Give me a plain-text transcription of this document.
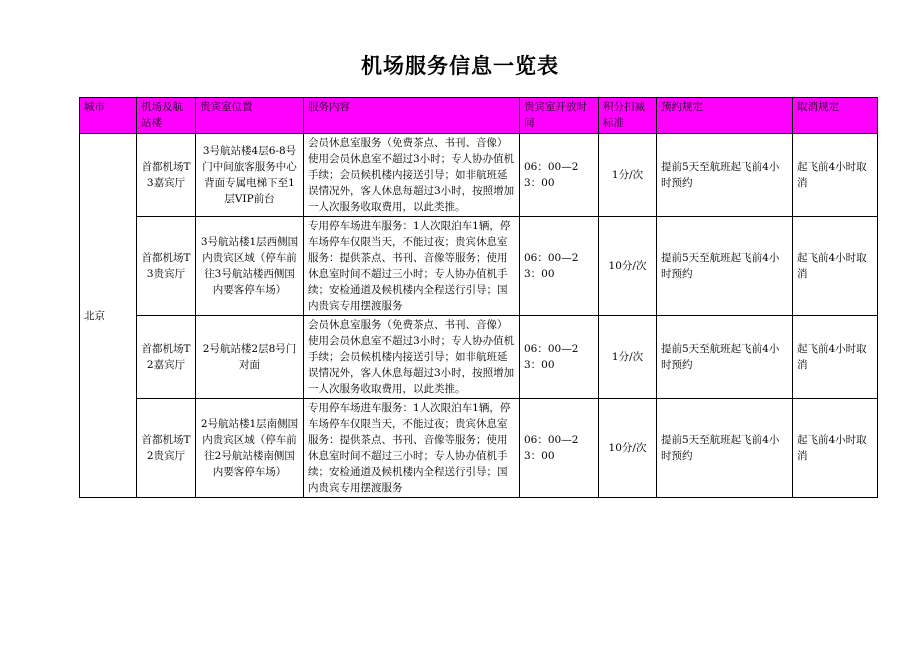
机场服务信息一览表
城市	机场及航站楼	贵宾室位置	服务内容	贵宾室开放时间	积分扣减标准	预约规定	取消规定
北京	首都机场T3嘉宾厅	3号航站楼4层6-8号门中间旅客服务中心背面专属电梯下至1层VIP前台	会员休息室服务（免费茶点、书刊、音像）使用会员休息室不超过3小时；专人协办值机手续；会员候机楼内接送引导；如非航班延误情况外，客人休息每超过3小时，按照增加一人次服务收取费用，以此类推。	06：00—23：00	1分/次	提前5天至航班起飞前4小时预约	起飞前4小时取消
	首都机场T3贵宾厅	3号航站楼1层西侧国内贵宾区域（停车前往3号航站楼西侧国内要客停车场）	专用停车场进车服务：1人次限泊车1辆，停车场停车仅限当天，不能过夜；贵宾休息室服务：提供茶点、书刊、音像等服务；使用休息室时间不超过三小时；专人协办值机手续；安检通道及候机楼内全程送行引导；国内贵宾专用摆渡服务	06：00—23：00	10分/次	提前5天至航班起飞前4小时预约	起飞前4小时取消
	首都机场T2嘉宾厅	2号航站楼2层8号门对面	会员休息室服务（免费茶点、书刊、音像）使用会员休息室不超过3小时；专人协办值机手续；会员候机楼内接送引导；如非航班延误情况外，客人休息每超过3小时，按照增加一人次服务收取费用，以此类推。	06：00—23：00	1分/次	提前5天至航班起飞前4小时预约	起飞前4小时取消
	首都机场T2贵宾厅	2号航站楼1层南侧国内贵宾区域（停车前往2号航站楼南侧国内要客停车场）	专用停车场进车服务：1人次限泊车1辆，停车场停车仅限当天，不能过夜；贵宾休息室服务：提供茶点、书刊、音像等服务；使用休息室时间不超过三小时；专人协办值机手续；安检通道及候机楼内全程送行引导；国内贵宾专用摆渡服务	06：00—23：00	10分/次	提前5天至航班起飞前4小时预约	起飞前4小时取消
